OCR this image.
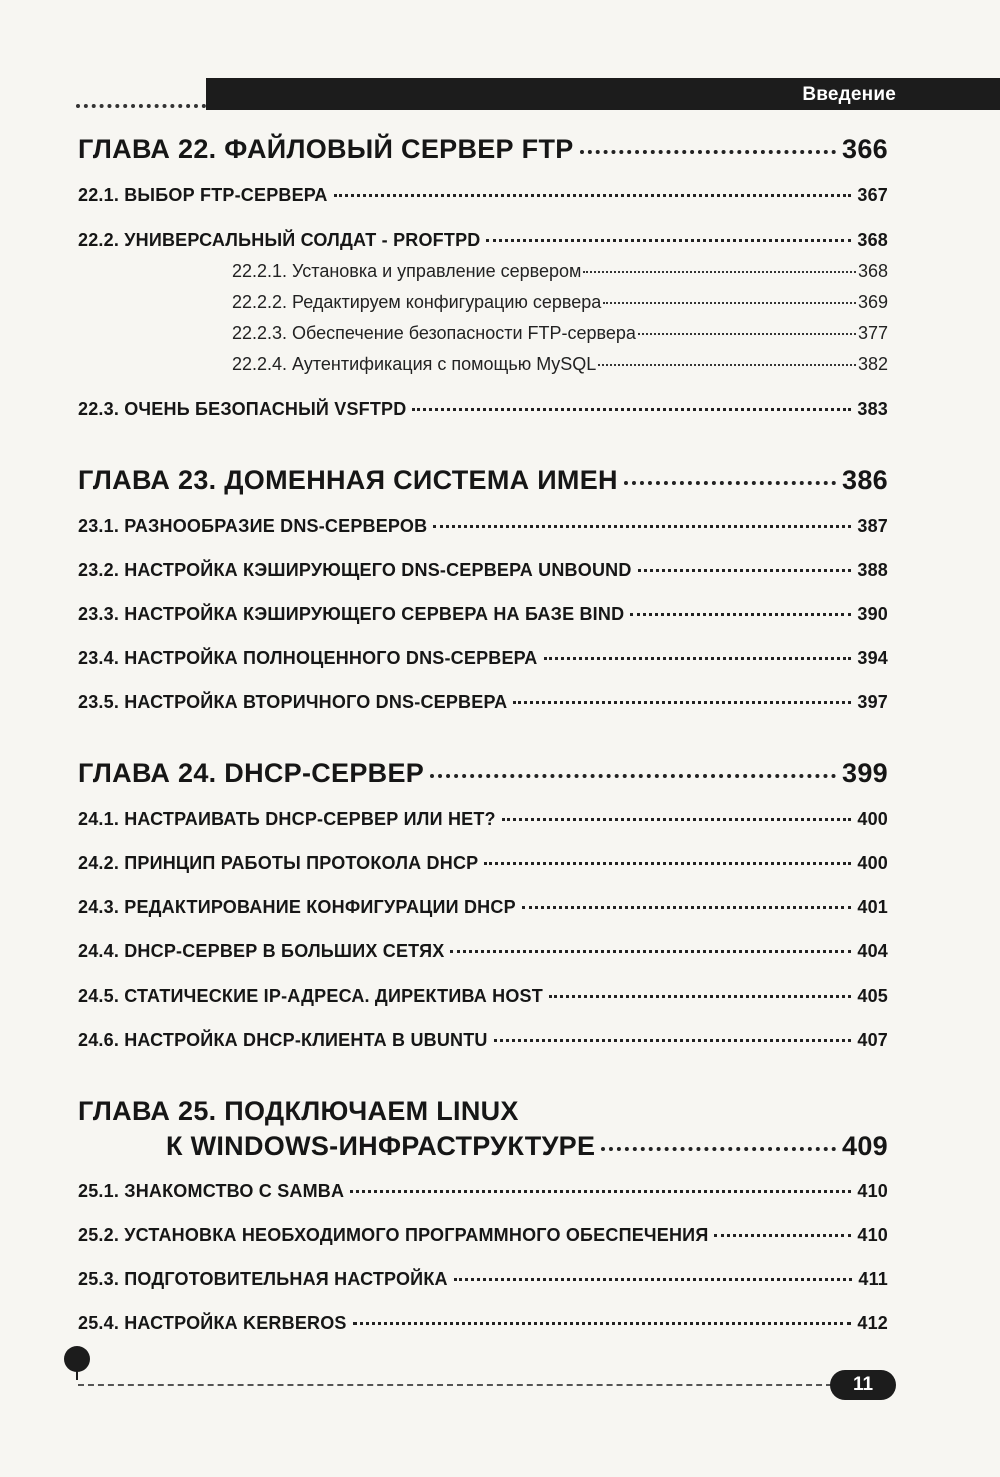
Введение
ГЛАВА 22. ФАЙЛОВЫЙ СЕРВЕР FTP	366
22.1. ВЫБОР FTP-СЕРВЕРА	367
22.2. УНИВЕРСАЛЬНЫЙ СОЛДАТ - PROFTPD	368
22.2.1. Установка и управление сервером	368
22.2.2. Редактируем конфигурацию сервера	369
22.2.3. Обеспечение безопасности FTP-сервера	377
22.2.4. Аутентификация с помощью MySQL	382
22.3. ОЧЕНЬ БЕЗОПАСНЫЙ VSFTPD	383
ГЛАВА 23. ДОМЕННАЯ СИСТЕМА ИМЕН	386
23.1. РАЗНООБРАЗИЕ DNS-СЕРВЕРОВ	387
23.2. НАСТРОЙКА КЭШИРУЮЩЕГО DNS-СЕРВЕРА UNBOUND	388
23.3. НАСТРОЙКА КЭШИРУЮЩЕГО СЕРВЕРА НА БАЗЕ BIND	390
23.4. НАСТРОЙКА ПОЛНОЦЕННОГО DNS-СЕРВЕРА	394
23.5. НАСТРОЙКА ВТОРИЧНОГО DNS-СЕРВЕРА	397
ГЛАВА 24. DHCP-СЕРВЕР	399
24.1. НАСТРАИВАТЬ DHCP-СЕРВЕР ИЛИ НЕТ?	400
24.2. ПРИНЦИП РАБОТЫ ПРОТОКОЛА DHCP	400
24.3. РЕДАКТИРОВАНИЕ КОНФИГУРАЦИИ DHCP	401
24.4. DHCP-СЕРВЕР В БОЛЬШИХ СЕТЯХ	404
24.5. СТАТИЧЕСКИЕ IP-АДРЕСА. ДИРЕКТИВА HOST	405
24.6. НАСТРОЙКА DHCP-КЛИЕНТА В UBUNTU	407
ГЛАВА 25. ПОДКЛЮЧАЕМ LINUX
К WINDOWS-ИНФРАСТРУКТУРЕ	409
25.1. ЗНАКОМСТВО С SAMBA	410
25.2. УСТАНОВКА НЕОБХОДИМОГО ПРОГРАММНОГО ОБЕСПЕЧЕНИЯ	410
25.3. ПОДГОТОВИТЕЛЬНАЯ НАСТРОЙКА	411
25.4. НАСТРОЙКА KERBEROS	412
11
